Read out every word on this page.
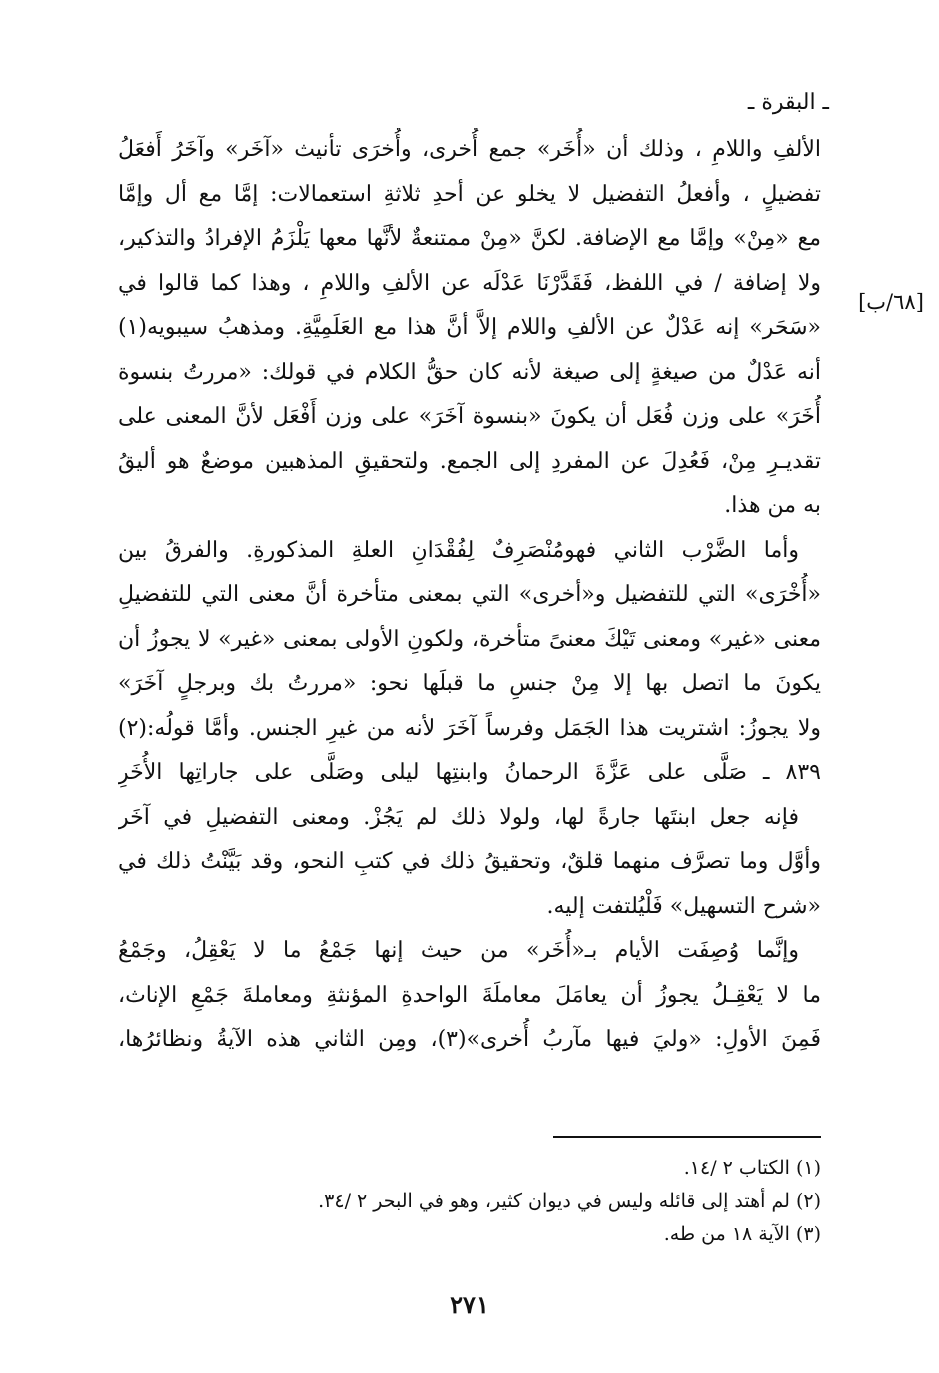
ـ البقرة ـ
[٦٨/ب]
الألفِ واللامِ ، وذلك أن «أُخَر» جمع أُخرى، وأُخرَى تأنيث «آخَر» وآخَرُ أَفعَلُ
تفضيلٍ ، وأفعلُ التفضيل لا يخلو عن أحدِ ثلاثةِ استعمالات: إمَّا مع أل وإمَّا
مع «مِنْ» وإمَّا مع الإضافة. لكنَّ «مِنْ ممتنعةٌ لأنَّها معها يَلْزَمُ الإفرادُ والتذكير،
ولا إضافة / في اللفظ، فَقَدَّرْنَا عَدْلَه عن الألفِ واللامِ ، وهذا كما قالوا في
«سَحَر» إنه عَدْلٌ عن الألفِ واللام إلاَّ أنَّ هذا مع العَلَمِيَّةِ. ومذهبُ سيبويه(١)
أنه عَدْلٌ من صيغةٍ إلى صيغة لأنه كان حقُّ الكلام في قولك: «مررتُ بنسوة
أُخَرَ» على وزن فُعَل أن يكونَ «بنسوة آخَرَ» على وزن أَفْعَل لأنَّ المعنى على
تقديـرِ مِنْ، فَعُدِلَ عن المفردِ إلى الجمع. ولتحقيقِ المذهبين موضعٌ هو أليقُ
به من هذا.
وأما الضَّرْب الثاني فهومُنْصَرِفٌ لِفُقْدَانِ العلةِ المذكورةِ. والفرقُ بين
«أُخْرَى» التي للتفضيل و«أخرى» التي بمعنى متأخرة أنَّ معنى التي للتفضيلِ
معنى «غير» ومعنى تَيْكَ معنىً متأخرة، ولكونِ الأولى بمعنى «غير» لا يجوزُ أن
يكونَ ما اتصل بها إلا مِنْ جنسِ ما قبلَها نحو: «مررتُ بك وبرجلٍ آخَرَ»
ولا يجوزُ: اشتريت هذا الجَمَل وفرساً آخَرَ لأنه من غيرِ الجنس. وأمَّا قولُه:(٢)
٨٣٩ ـ صَلَّى على عَزَّةَ الرحمانُ وابنتِها ليلى وصَلَّى على جاراتِها الأُخَرِ
فإنه جعل ابنتَها جارةً لها، ولولا ذلك لم يَجُزْ. ومعنى التفضيلِ في آخَر
وأوَّل وما تصرَّف منهما قلقٌ، وتحقيقُ ذلك في كتبِ النحو، وقد بَيَّنْتُ ذلك في
«شرح التسهيل» فَلْيُلتفت إليه.
وإنَّما وُصِفَت الأيام بـ«أُخَر» من حيث إنها جَمْعُ ما لا يَعْقِلُ، وجَمْعُ
ما لا يَعْقِـلُ يجوزُ أن يعامَلَ معاملَةَ الواحدةِ المؤنثةِ ومعاملةَ جَمْعِ الإناث،
فَمِنَ الأولِ: «وليَ فيها مآربُ أُخرى»(٣)، ومِن الثاني هذه الآيةُ ونظائرُها،
(١) الكتاب ٢ /١٤.
(٢) لم أهتد إلى قائله وليس في ديوان كثير، وهو في البحر ٢ /٣٤.
(٣) الآية ١٨ من طه.
٢٧١
